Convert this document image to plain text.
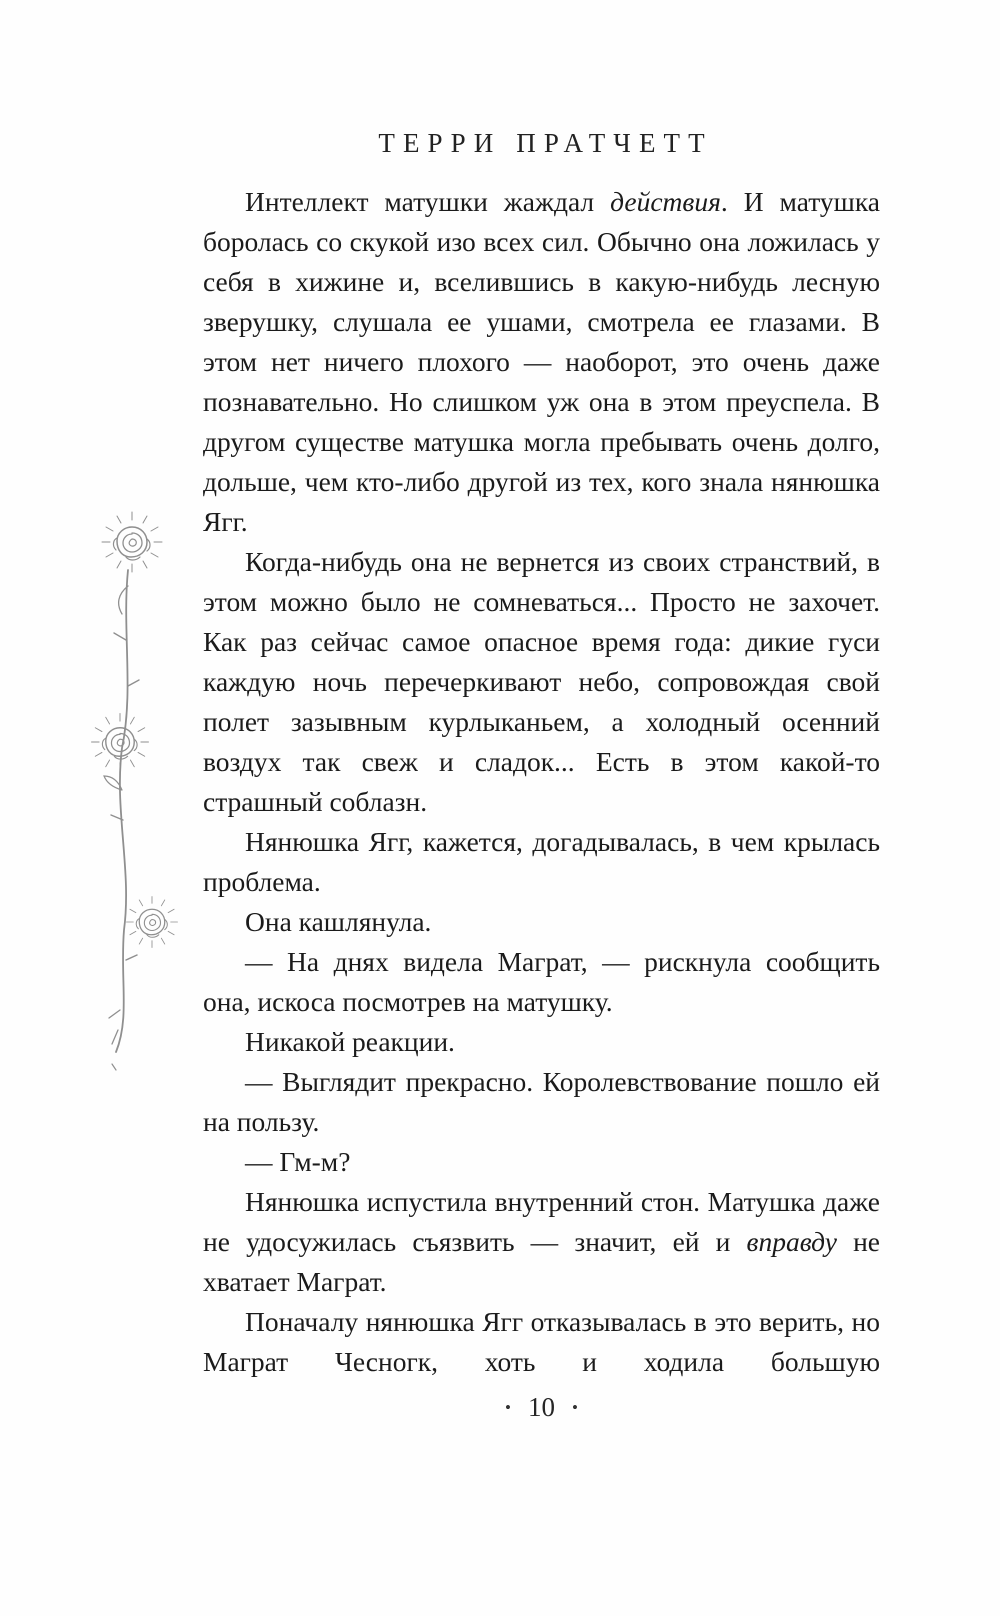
ТЕРРИ ПРАТЧЕТТ

Интеллект матушки жаждал действия. И матушка боролась со скукой изо всех сил. Обычно она ложилась у себя в хижине и, вселившись в какую-нибудь лесную зверушку, слушала ее ушами, смотрела ее глазами. В этом нет ничего плохого — наоборот, это очень даже познавательно. Но слишком уж она в этом преуспела. В другом существе матушка могла пребывать очень долго, дольше, чем кто-либо другой из тех, кого знала нянюшка Ягг.

Когда-нибудь она не вернется из своих странствий, в этом можно было не сомневаться... Просто не захочет. Как раз сейчас самое опасное время года: дикие гуси каждую ночь перечеркивают небо, сопровождая свой полет зазывным курлыканьем, а холодный осенний воздух так свеж и сладок... Есть в этом какой-то страшный соблазн.

Нянюшка Ягг, кажется, догадывалась, в чем крылась проблема.

Она кашлянула.

— На днях видела Маграт, — рискнула сообщить она, искоса посмотрев на матушку.

Никакой реакции.

— Выглядит прекрасно. Королевствование пошло ей на пользу.

— Гм-м?

Нянюшка испустила внутренний стон. Матушка даже не удосужилась съязвить — значит, ей и вправду не хватает Маграт.

Поначалу нянюшка Ягг отказывалась в это верить, но Маграт Чесногк, хоть и ходила большую

• 10 •
